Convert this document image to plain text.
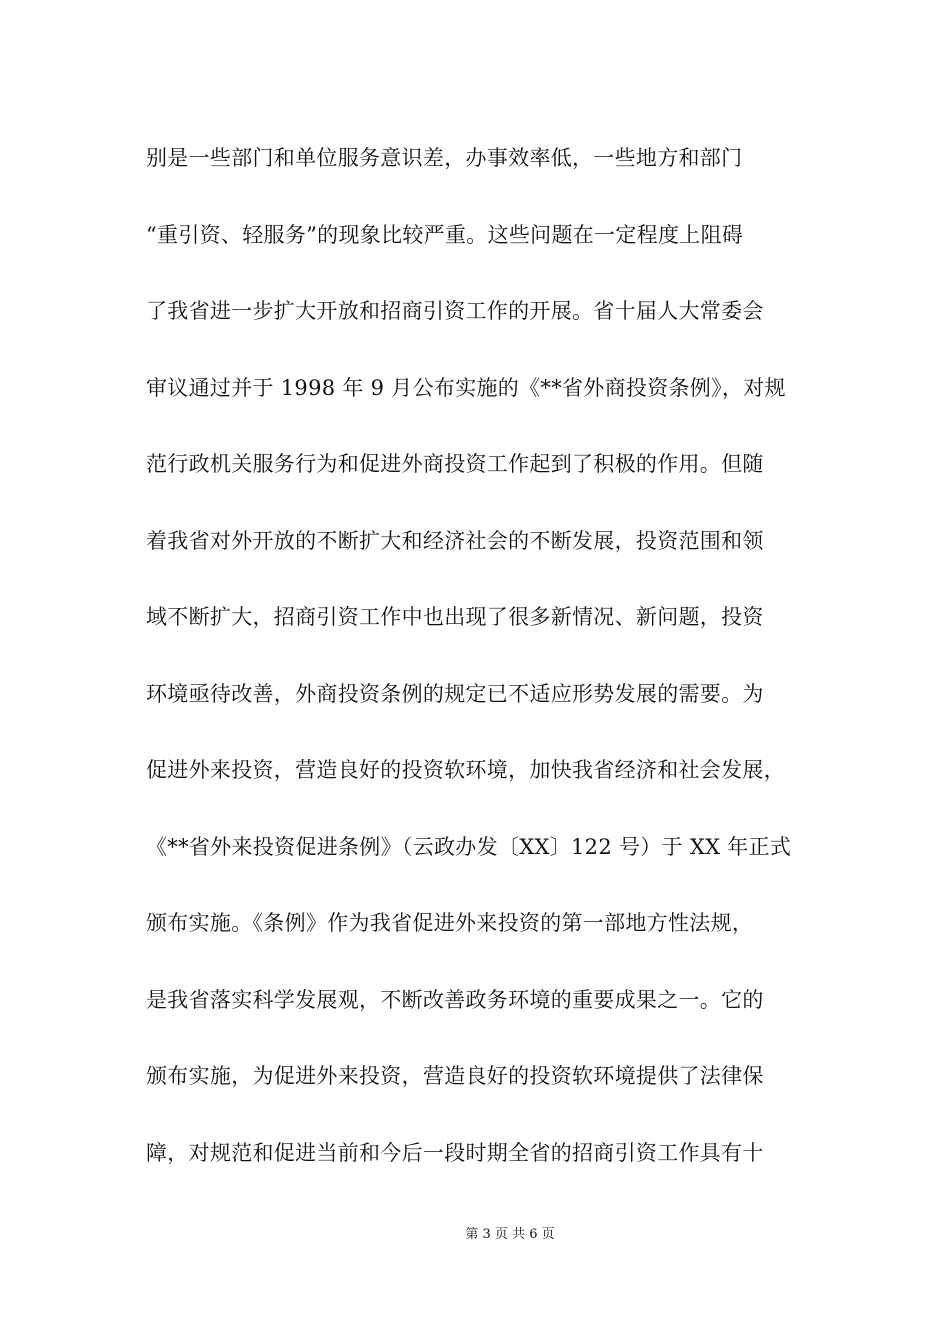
别是一些部门和单位服务意识差，办事效率低，一些地方和部门
“重引资、轻服务”的现象比较严重。这些问题在一定程度上阻碍
了我省进一步扩大开放和招商引资工作的开展。省十届人大常委会
审议通过并于 1998 年 9 月公布实施的《**省外商投资条例》，对规
范行政机关服务行为和促进外商投资工作起到了积极的作用。但随
着我省对外开放的不断扩大和经济社会的不断发展，投资范围和领
域不断扩大，招商引资工作中也出现了很多新情况、新问题，投资
环境亟待改善，外商投资条例的规定已不适应形势发展的需要。为
促进外来投资，营造良好的投资软环境，加快我省经济和社会发展，
《**省外来投资促进条例》（云政办发〔XX〕122 号）于 XX 年正式
颁布实施。《条例》作为我省促进外来投资的第一部地方性法规，
是我省落实科学发展观，不断改善政务环境的重要成果之一。它的
颁布实施，为促进外来投资，营造良好的投资软环境提供了法律保
障，对规范和促进当前和今后一段时期全省的招商引资工作具有十
第 3 页 共 6 页
